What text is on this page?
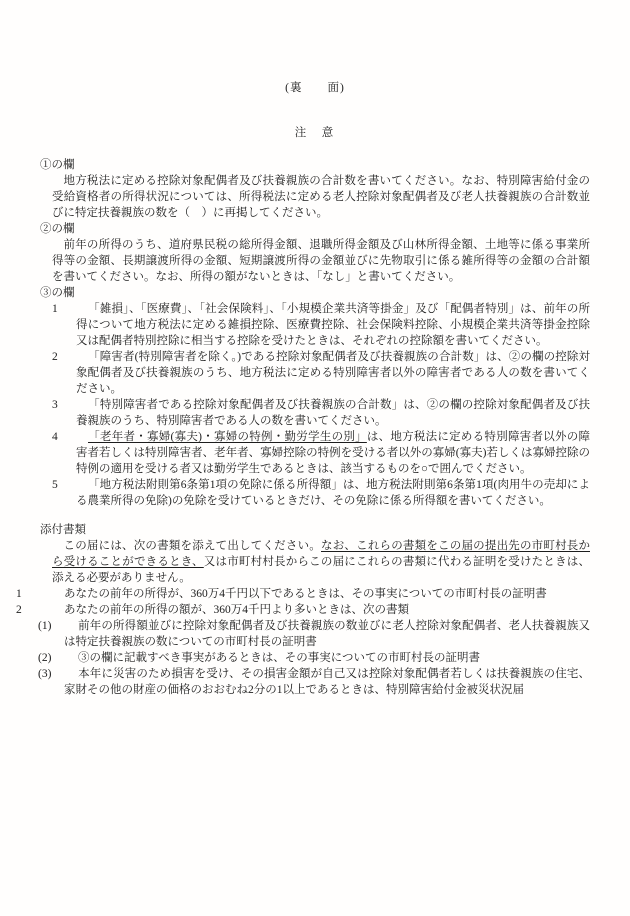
(裏　　面)
注　意
①の欄

地方税法に定める控除対象配偶者及び扶養親族の合計数を書いてください。なお、特別障害給付金の受給資格者の所得状況については、所得税法に定める老人控除対象配偶者及び老人扶養親族の合計数並びに特定扶養親族の数を（　）に再掲してください。

②の欄

前年の所得のうち、道府県民税の総所得金額、退職所得金額及び山林所得金額、土地等に係る事業所得等の金額、長期譲渡所得の金額、短期譲渡所得の金額並びに先物取引に係る雑所得等の金額の合計額を書いてください。なお、所得の額がないときは、「なし」と書いてください。

③の欄

1	「雑損」、「医療費」、「社会保険料」、「小規模企業共済等掛金」及び「配偶者特別」は、前年の所得について地方税法に定める雑損控除、医療費控除、社会保険料控除、小規模企業共済等掛金控除又は配偶者特別控除に相当する控除を受けたときは、それぞれの控除額を書いてください。

2	「障害者(特別障害者を除く。)である控除対象配偶者及び扶養親族の合計数」は、②の欄の控除対象配偶者及び扶養親族のうち、地方税法に定める特別障害者以外の障害者である人の数を書いてください。

3	「特別障害者である控除対象配偶者及び扶養親族の合計数」は、②の欄の控除対象配偶者及び扶養親族のうち、特別障害者である人の数を書いてください。

4	「老年者・寡婦(寡夫)・寡婦の特例・勤労学生の別」は、地方税法に定める特別障害者以外の障害者若しくは特別障害者、老年者、寡婦控除の特例を受ける者以外の寡婦(寡夫)若しくは寡婦控除の特例の適用を受ける者又は勤労学生であるときは、該当するものを○で囲んでください。

5	「地方税法附則第6条第1項の免除に係る所得額」は、地方税法附則第6条第1項(肉用牛の売却による農業所得の免除)の免除を受けているときだけ、その免除に係る所得額を書いてください。

添付書類

この届には、次の書類を添えて出してください。なお、これらの書類をこの届の提出先の市町村長から受けることができるとき、又は市町村村長からこの届にこれらの書類に代わる証明を受けたときは、添える必要がありません。

1	あなたの前年の所得が、360万4千円以下であるときは、その事実についての市町村長の証明書

2	あなたの前年の所得の額が、360万4千円より多いときは、次の書類

(1) 前年の所得額並びに控除対象配偶者及び扶養親族の数並びに老人控除対象配偶者、老人扶養親族又は特定扶養親族の数についての市町村長の証明書

(2) ③の欄に記載すべき事実があるときは、その事実についての市町村長の証明書

(3) 本年に災害のため損害を受け、その損害金額が自己又は控除対象配偶者若しくは扶養親族の住宅、家財その他の財産の価格のおおむね2分の1以上であるときは、特別障害給付金被災状況届
